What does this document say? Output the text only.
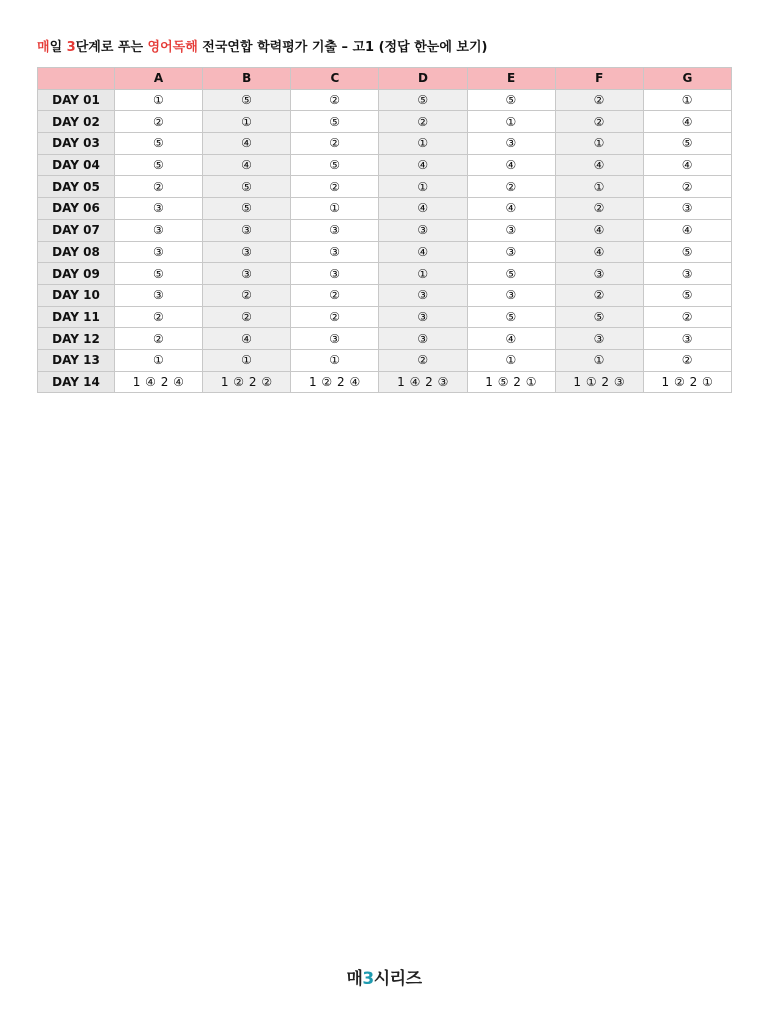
매일 3단계로 푸는 영어독해 전국연합 학력평가 기출 – 고1 (정답 한눈에 보기)
	A	B	C	D	E	F	G
DAY 01	①	⑤	②	⑤	⑤	②	①
DAY 02	②	①	⑤	②	①	②	④
DAY 03	⑤	④	②	①	③	①	⑤
DAY 04	⑤	④	⑤	④	④	④	④
DAY 05	②	⑤	②	①	②	①	②
DAY 06	③	⑤	①	④	④	②	③
DAY 07	③	③	③	③	③	④	④
DAY 08	③	③	③	④	③	④	⑤
DAY 09	⑤	③	③	①	⑤	③	③
DAY 10	③	②	②	③	③	②	⑤
DAY 11	②	②	②	③	⑤	⑤	②
DAY 12	②	④	③	③	④	③	③
DAY 13	①	①	①	②	①	①	②
DAY 14	1 ④ 2 ④	1 ② 2 ②	1 ② 2 ④	1 ④ 2 ③	1 ⑤ 2 ①	1 ① 2 ③	1 ② 2 ①
매3시리즈
